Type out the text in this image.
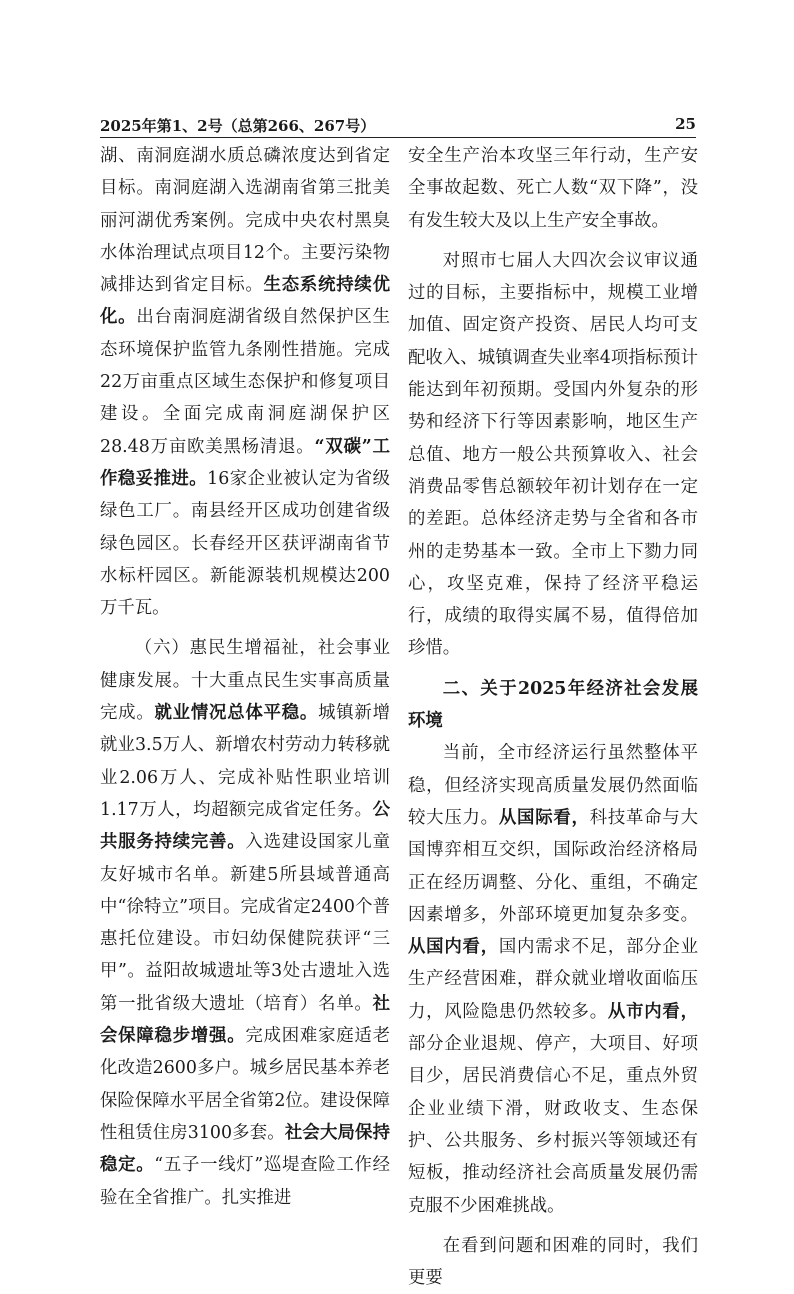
2025年第1、2号（总第266、267号）	25

湖、南洞庭湖水质总磷浓度达到省定目标。南洞庭湖入选湖南省第三批美丽河湖优秀案例。完成中央农村黑臭水体治理试点项目12个。主要污染物减排达到省定目标。生态系统持续优化。出台南洞庭湖省级自然保护区生态环境保护监管九条刚性措施。完成22万亩重点区域生态保护和修复项目建设。全面完成南洞庭湖保护区28.48万亩欧美黑杨清退。“双碳”工作稳妥推进。16家企业被认定为省级绿色工厂。南县经开区成功创建省级绿色园区。长春经开区获评湖南省节水标杆园区。新能源装机规模达200万千瓦。

（六）惠民生增福祉，社会事业健康发展。十大重点民生实事高质量完成。就业情况总体平稳。城镇新增就业3.5万人、新增农村劳动力转移就业2.06万人、完成补贴性职业培训1.17万人，均超额完成省定任务。公共服务持续完善。入选建设国家儿童友好城市名单。新建5所县域普通高中“徐特立”项目。完成省定2400个普惠托位建设。市妇幼保健院获评“三甲”。益阳故城遗址等3处古遗址入选第一批省级大遗址（培育）名单。社会保障稳步增强。完成困难家庭适老化改造2600多户。城乡居民基本养老保险保障水平居全省第2位。建设保障性租赁住房3100多套。社会大局保持稳定。“五子一线灯”巡堤查险工作经验在全省推广。扎实推进

安全生产治本攻坚三年行动，生产安全事故起数、死亡人数“双下降”，没有发生较大及以上生产安全事故。

对照市七届人大四次会议审议通过的目标，主要指标中，规模工业增加值、固定资产投资、居民人均可支配收入、城镇调查失业率4项指标预计能达到年初预期。受国内外复杂的形势和经济下行等因素影响，地区生产总值、地方一般公共预算收入、社会消费品零售总额较年初计划存在一定的差距。总体经济走势与全省和各市州的走势基本一致。全市上下勠力同心，攻坚克难，保持了经济平稳运行，成绩的取得实属不易，值得倍加珍惜。

二、关于2025年经济社会发展环境

当前，全市经济运行虽然整体平稳，但经济实现高质量发展仍然面临较大压力。从国际看，科技革命与大国博弈相互交织，国际政治经济格局正在经历调整、分化、重组，不确定因素增多，外部环境更加复杂多变。从国内看，国内需求不足，部分企业生产经营困难，群众就业增收面临压力，风险隐患仍然较多。从市内看，部分企业退规、停产，大项目、好项目少，居民消费信心不足，重点外贸企业业绩下滑，财政收支、生态保护、公共服务、乡村振兴等领域还有短板，推动经济社会高质量发展仍需克服不少困难挑战。

在看到问题和困难的同时，我们更要
